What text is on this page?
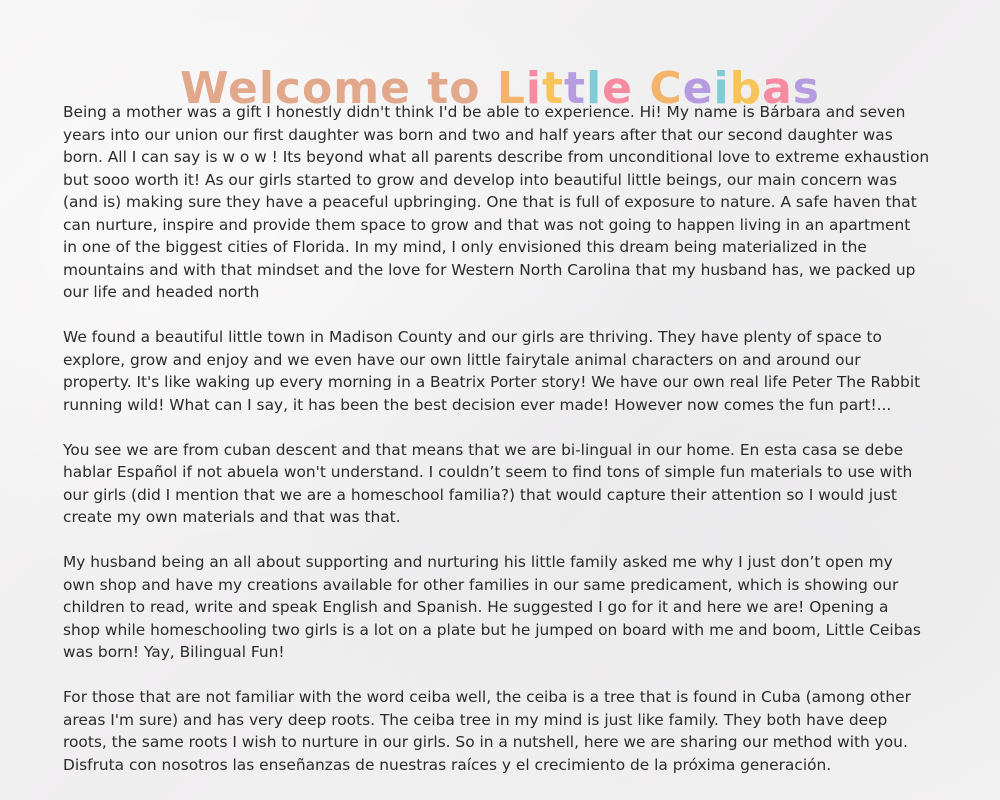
Welcome to Little Ceibas

Being a mother was a gift I honestly didn't think I'd be able to experience. Hi! My name is Bárbara and seven
years into our union our first daughter was born and two and half years after that our second daughter was
born. All I can say is w o w ! Its beyond what all parents describe from unconditional love to extreme exhaustion
but sooo worth it! As our girls started to grow and develop into beautiful little beings, our main concern was
(and is) making sure they have a peaceful upbringing. One that is full of exposure to nature. A safe haven that
can nurture, inspire and provide them space to grow and that was not going to happen living in an apartment
in one of the biggest cities of Florida. In my mind, I only envisioned this dream being materialized in the
mountains and with that mindset and the love for Western North Carolina that my husband has, we packed up
our life and headed north

We found a beautiful little town in Madison County and our girls are thriving. They have plenty of space to
explore, grow and enjoy and we even have our own little fairytale animal characters on and around our
property. It's like waking up every morning in a Beatrix Porter story! We have our own real life Peter The Rabbit
running wild! What can I say, it has been the best decision ever made! However now comes the fun part!...

You see we are from cuban descent and that means that we are bi-lingual in our home. En esta casa se debe
hablar Español if not abuela won't understand. I couldn’t seem to find tons of simple fun materials to use with
our girls (did I mention that we are a homeschool familia?) that would capture their attention so I would just
create my own materials and that was that.

My husband being an all about supporting and nurturing his little family asked me why I just don’t open my
own shop and have my creations available for other families in our same predicament, which is showing our
children to read, write and speak English and Spanish. He suggested I go for it and here we are! Opening a
shop while homeschooling two girls is a lot on a plate but he jumped on board with me and boom, Little Ceibas
was born! Yay, Bilingual Fun!

For those that are not familiar with the word ceiba well, the ceiba is a tree that is found in Cuba (among other
areas I'm sure) and has very deep roots. The ceiba tree in my mind is just like family. They both have deep
roots, the same roots I wish to nurture in our girls. So in a nutshell, here we are sharing our method with you.
Disfruta con nosotros las enseñanzas de nuestras raíces y el crecimiento de la próxima generación.
